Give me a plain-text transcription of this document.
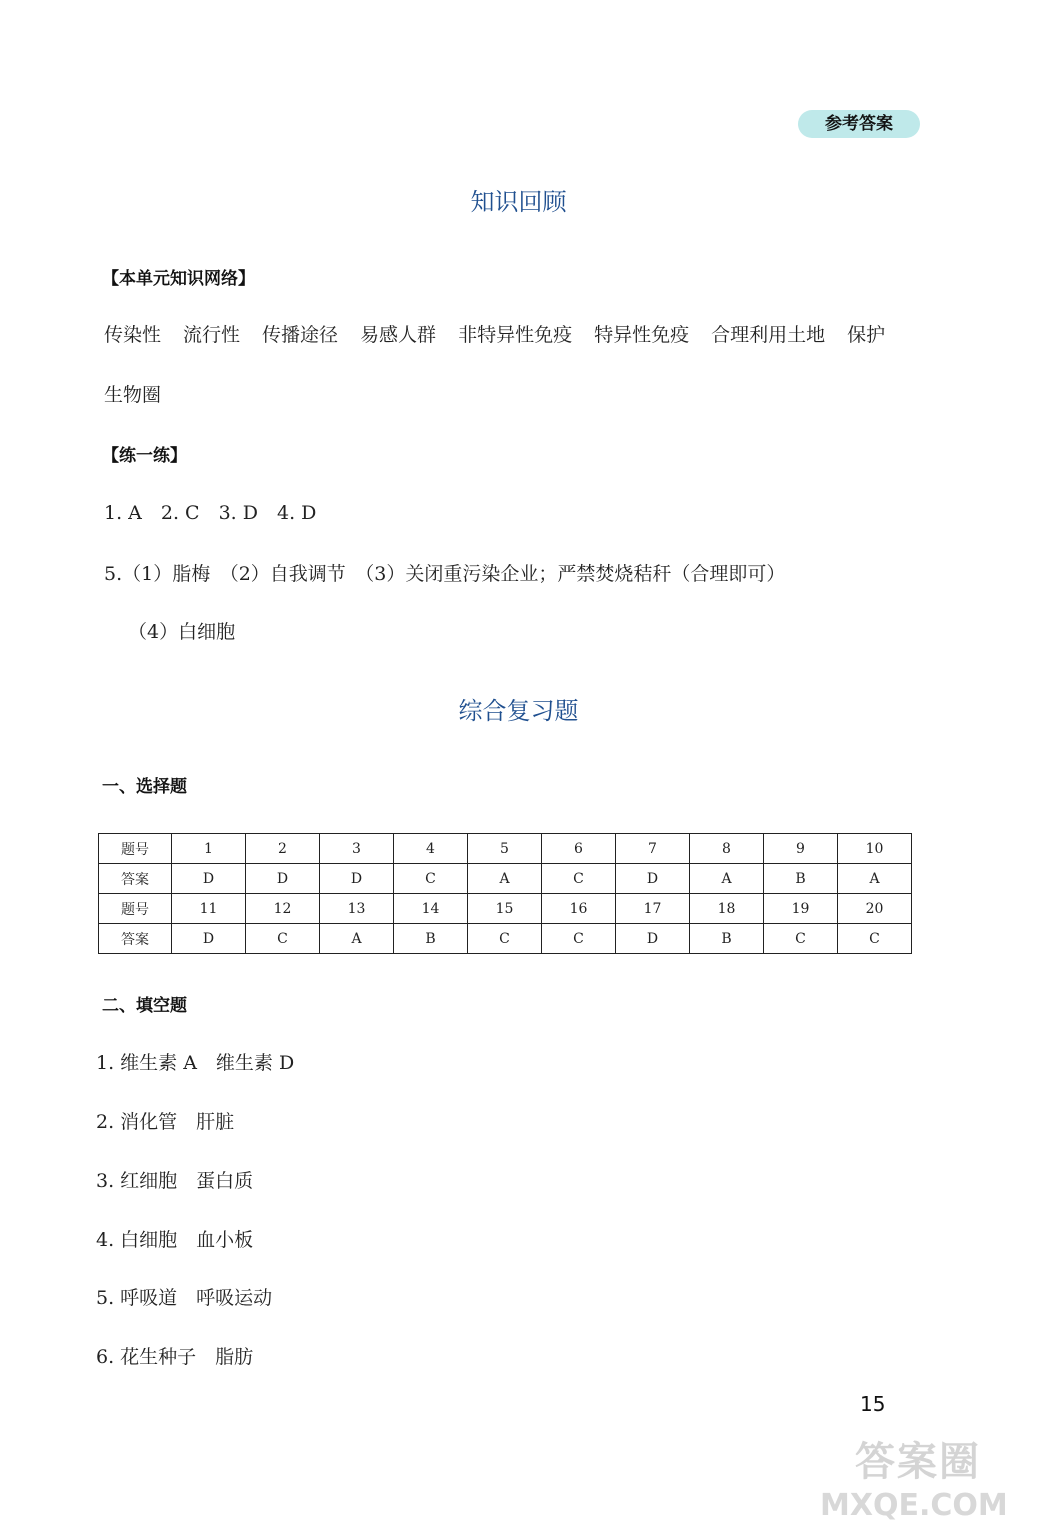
参考答案
知识回顾
【本单元知识网络】
传染性 流行性 传播途径 易感人群 非特异性免疫 特异性免疫 合理利用土地 保护
生物圈
【练一练】
1. A　2. C　3. D　4. D
5.（1）脂梅　（2）自我调节　（3）关闭重污染企业；严禁焚烧秸秆（合理即可）
（4）白细胞
综合复习题
一、选择题
题号	1	2	3	4	5	6	7	8	9	10
答案	D	D	D	C	A	C	D	A	B	A
题号	11	12	13	14	15	16	17	18	19	20
答案	D	C	A	B	C	C	D	B	C	C
二、填空题
1. 维生素 A　维生素 D
2. 消化管　肝脏
3. 红细胞　蛋白质
4. 白细胞　血小板
5. 呼吸道　呼吸运动
6. 花生种子　脂肪
15
答案圈
MXQE.COM
